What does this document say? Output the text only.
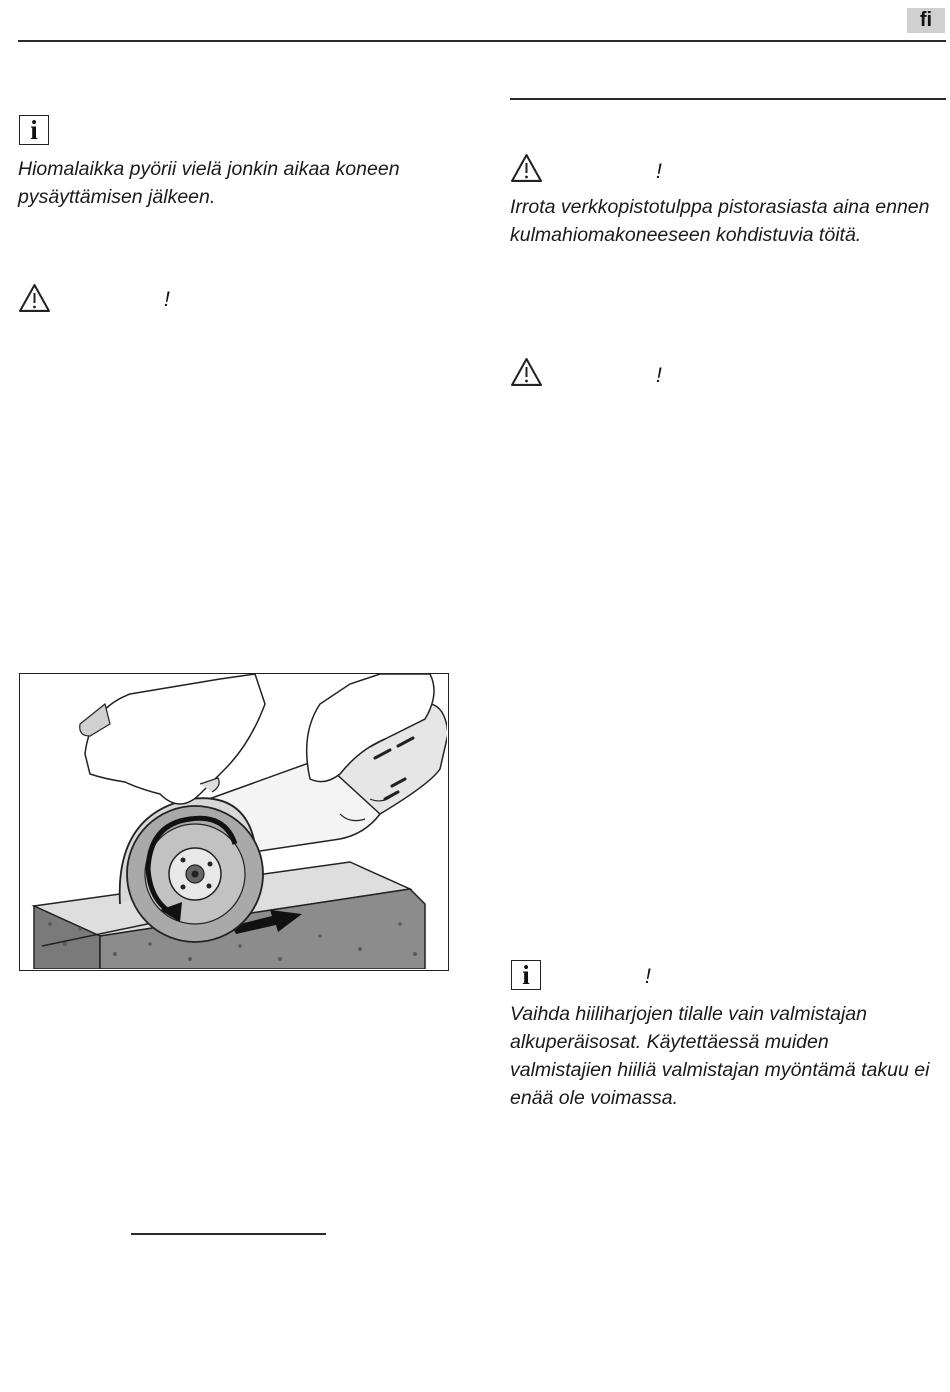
fi
i

Hiomalaikka pyörii vielä jonkin aikaa koneen pysäyttämisen jälkeen.

!
!

Irrota verkkopistotulppa pistorasiasta aina ennen kulmahiomakoneeseen kohdistuvia töitä.

!
i	!

Vaihda hiiliharjojen tilalle vain valmistajan alkuperäisosat. Käytettäessä muiden valmistajien hiiliä valmistajan myöntämä takuu ei enää ole voimassa.
